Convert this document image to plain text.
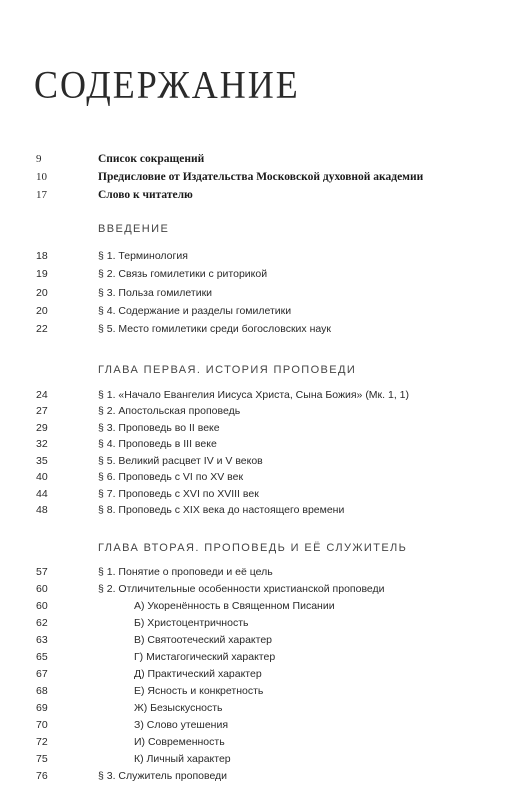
СОДЕРЖАНИЕ
9	Список сокращений
10	Предисловие от Издательства Московской духовной академии
17	Слово к читателю
ВВЕДЕНИЕ
18	§ 1. Терминология
19	§ 2. Связь гомилетики с риторикой
20	§ 3. Польза гомилетики
20	§ 4. Содержание и разделы гомилетики
22	§ 5. Место гомилетики среди богословских наук
ГЛАВА ПЕРВАЯ. ИСТОРИЯ ПРОПОВЕДИ
24	§ 1. «Начало Евангелия Иисуса Христа, Сына Божия» (Мк. 1, 1)
27	§ 2. Апостольская проповедь
29	§ 3. Проповедь во II веке
32	§ 4. Проповедь в III веке
35	§ 5. Великий расцвет IV и V веков
40	§ 6. Проповедь с VI по XV век
44	§ 7. Проповедь с XVI по XVIII век
48	§ 8. Проповедь с XIX века до настоящего времени
ГЛАВА ВТОРАЯ. ПРОПОВЕДЬ И ЕЁ СЛУЖИТЕЛЬ
57	§ 1. Понятие о проповеди и её цель
60	§ 2. Отличительные особенности христианской проповеди
60	А) Укоренённость в Священном Писании
62	Б) Христоцентричность
63	В) Святоотеческий характер
65	Г) Мистагогический характер
67	Д) Практический характер
68	Е) Ясность и конкретность
69	Ж) Безыскусность
70	З) Слово утешения
72	И) Современность
75	К) Личный характер
76	§ 3. Служитель проповеди
